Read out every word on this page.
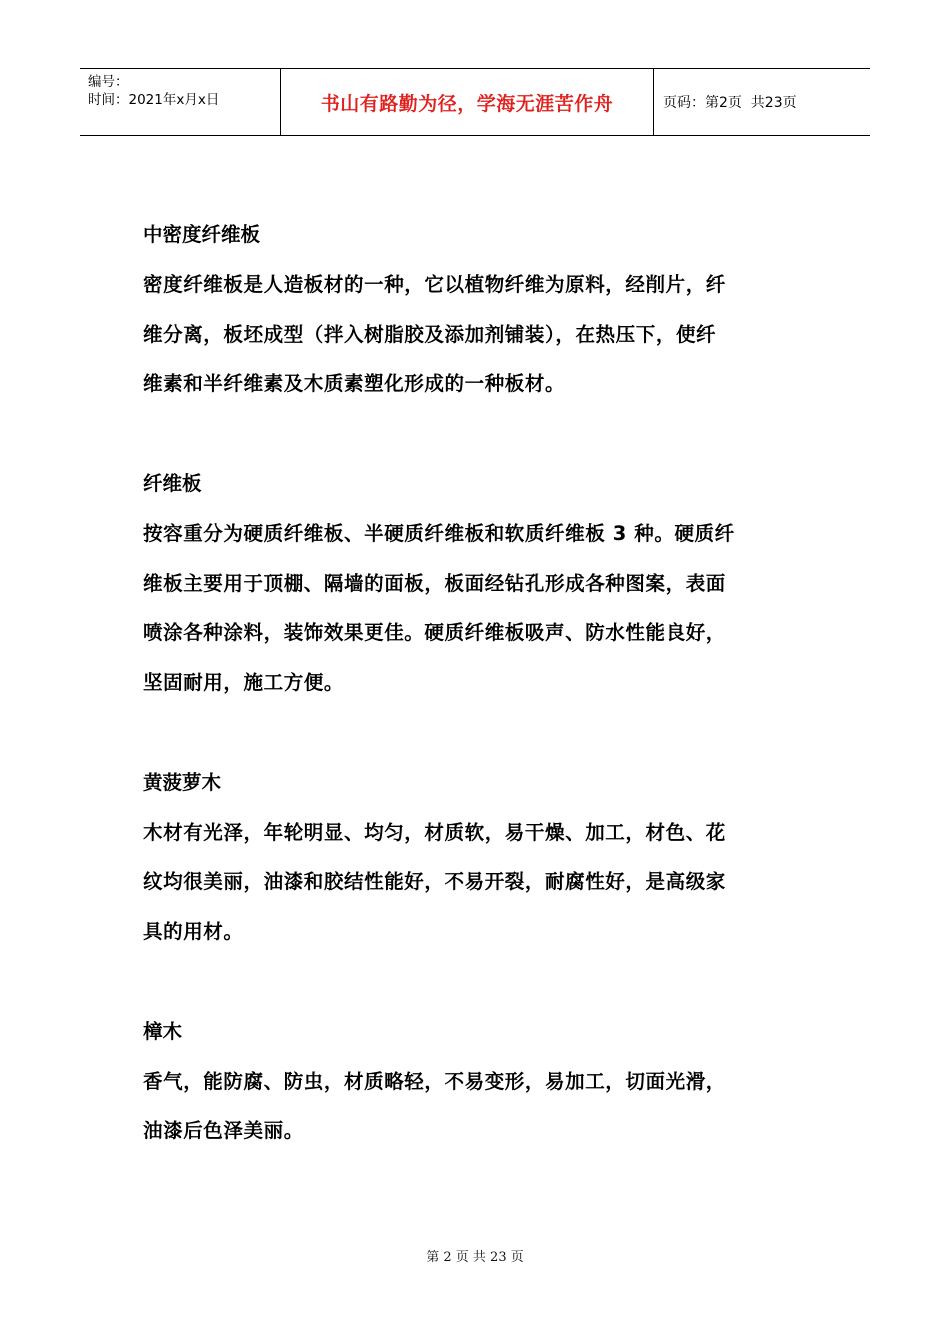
编号：
时间：2021年x月x日	书山有路勤为径，学海无涯苦作舟	页码：第2页  共23页

中密度纤维板

密度纤维板是人造板材的一种，它以植物纤维为原料，经削片，纤

维分离，板坯成型（拌入树脂胶及添加剂铺装），在热压下，使纤

维素和半纤维素及木质素塑化形成的一种板材。

纤维板

按容重分为硬质纤维板、半硬质纤维板和软质纤维板 3 种。硬质纤

维板主要用于顶棚、隔墙的面板，板面经钻孔形成各种图案，表面

喷涂各种涂料，装饰效果更佳。硬质纤维板吸声、防水性能良好，

坚固耐用，施工方便。

黄菠萝木

木材有光泽，年轮明显、均匀，材质软，易干燥、加工，材色、花

纹均很美丽，油漆和胶结性能好，不易开裂，耐腐性好，是高级家

具的用材。

樟木

香气，能防腐、防虫，材质略轻，不易变形，易加工，切面光滑，

油漆后色泽美丽。

第 2 页 共 23 页
